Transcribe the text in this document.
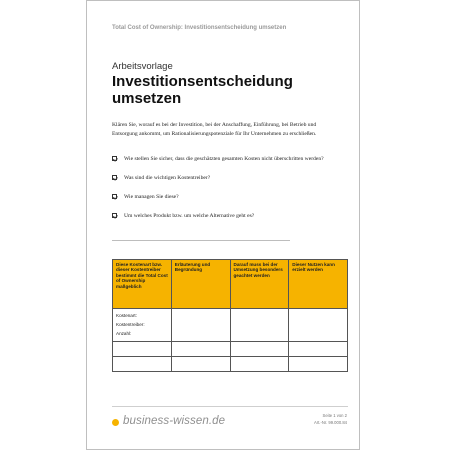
Total Cost of Ownership: Investitionsentscheidung umsetzen
Arbeitsvorlage
Investitionsentscheidung
umsetzen

Klären Sie, worauf es bei der Investition, bei der Anschaffung, Einführung, bei Betrieb und Entsorgung ankommt, um Rationalisierungspotenziale für Ihr Unternehmen zu erschließen.

Wie stellen Sie sicher, dass die geschätzten gesamten Kosten nicht überschritten werden?
Was sind die wichtigen Kostentreiber?
Wie managen Sie diese?
Um welches Produkt bzw. um welche Alternative geht es?
Diese Kostenart bzw. dieser Kostentreiber bestimmt die Total Cost of Ownership maßgeblich	Erläuterung und Begründung	Darauf muss bei der Umsetzung besonders geachtet werden	Dieser Nutzen kann erzielt werden

Kostenart:
Kostentreiber:
Anzahl:			

business-wissen.de	Seite 1 von 2
Art.-Nr. 99.000.84
